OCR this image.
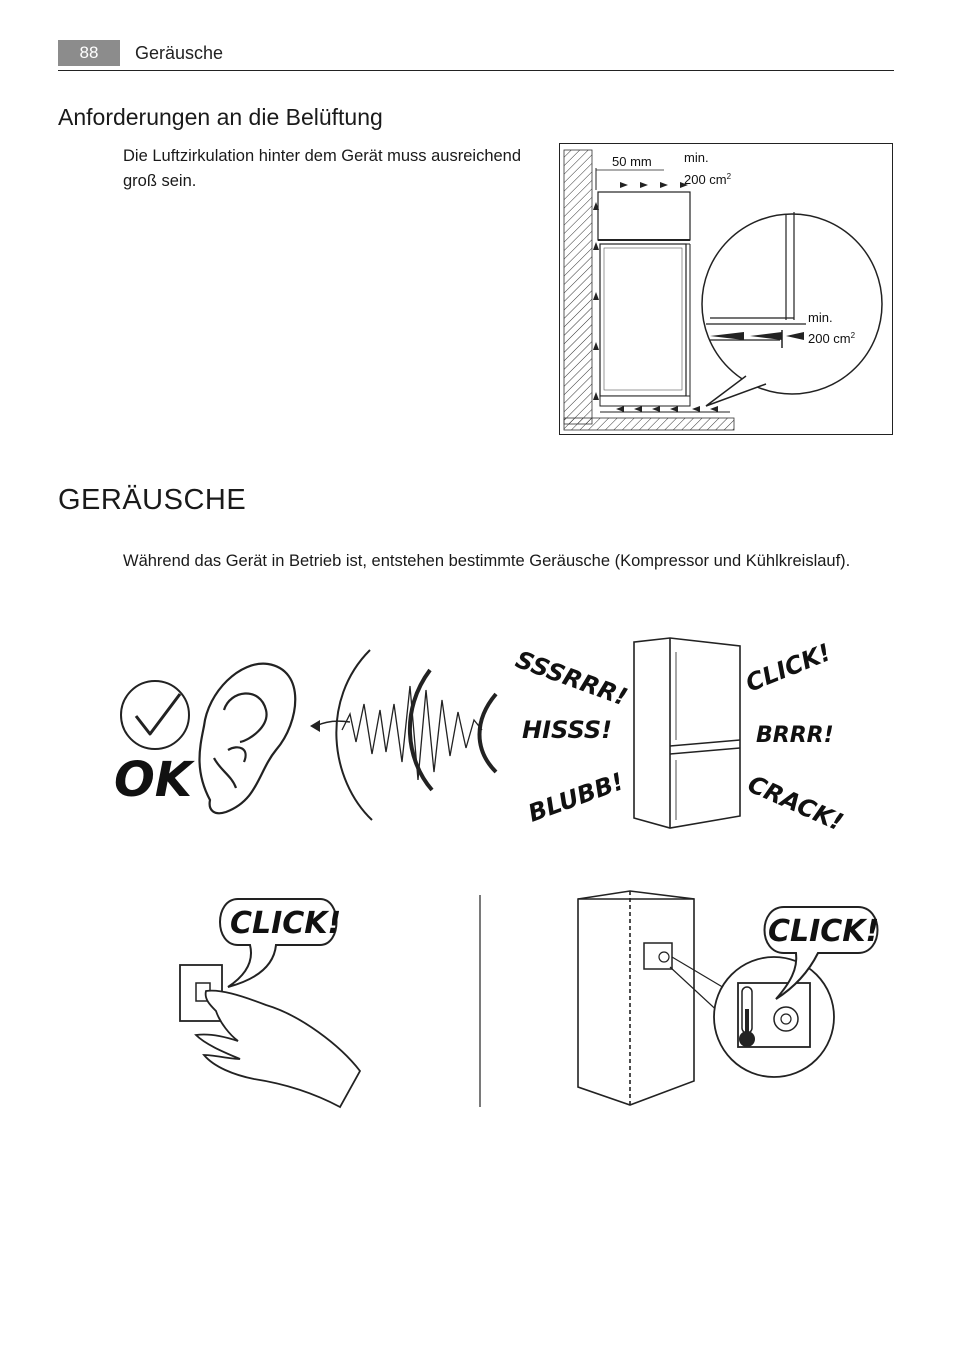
88	Geräusche
Anforderungen an die Belüftung

Die Luftzirkulation hinter dem Gerät muss ausreichend groß sein.

50 mm min.
200 $cm^2$
min.
200 $cm^2$
GERÄUSCHE

Während das Gerät in Betrieb ist, entstehen bestimmte Geräusche (Kompressor und Kühlkreislauf).

OK
SSSRRR!
HISSS!
BLUBB!
CLICK!
BRRR!
CRACK!
CLICK!	CLICK!
